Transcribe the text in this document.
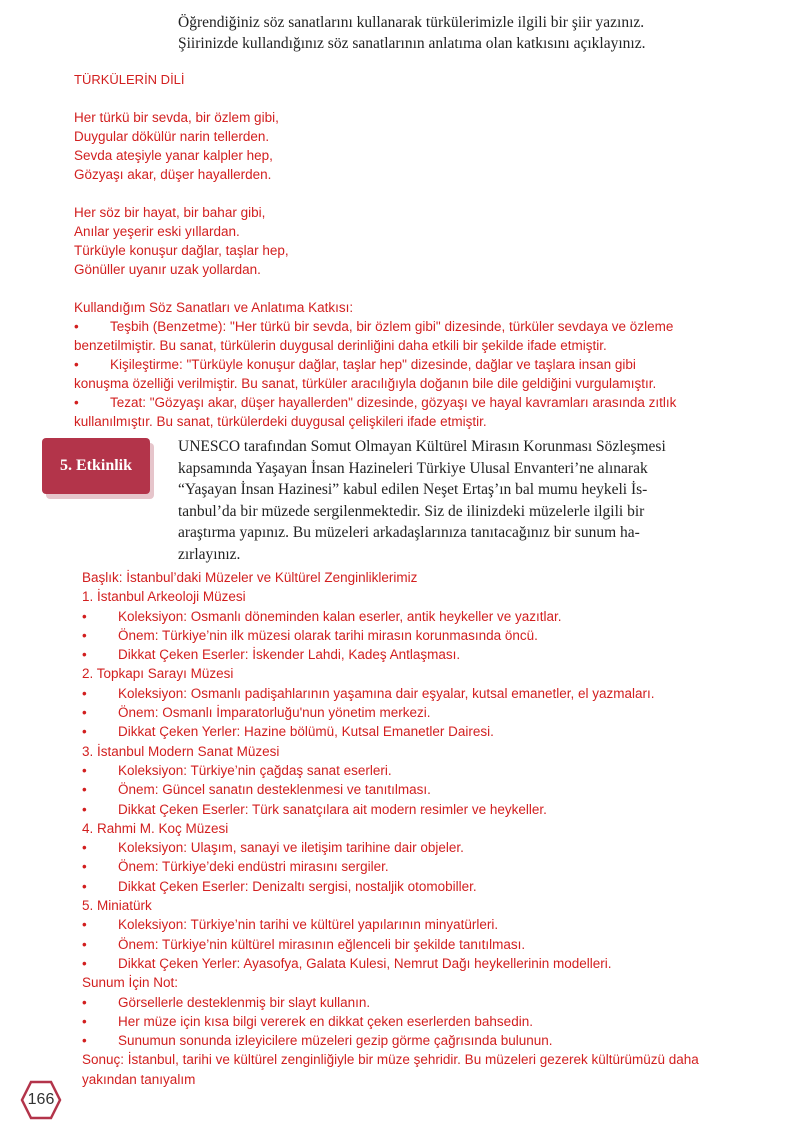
Öğrendiğiniz söz sanatlarını kullanarak türkülerimizle ilgili bir şiir yazınız.

Şiirinizde kullandığınız söz sanatlarının anlatıma olan katkısını açıklayınız.

TÜRKÜLERİN DİLİ

Her türkü bir sevda, bir özlem gibi,

Duygular dökülür narin tellerden.

Sevda ateşiyle yanar kalpler hep,

Gözyaşı akar, düşer hayallerden.

Her söz bir hayat, bir bahar gibi,

Anılar yeşerir eski yıllardan.

Türküyle konuşur dağlar, taşlar hep,

Gönüller uyanır uzak yollardan.

Kullandığım Söz Sanatları ve Anlatıma Katkısı:

•	Teşbih (Benzetme): "Her türkü bir sevda, bir özlem gibi" dizesinde, türküler sevdaya ve özleme

benzetilmiştir. Bu sanat, türkülerin duygusal derinliğini daha etkili bir şekilde ifade etmiştir.

•	Kişileştirme: "Türküyle konuşur dağlar, taşlar hep" dizesinde, dağlar ve taşlara insan gibi

konuşma özelliği verilmiştir. Bu sanat, türküler aracılığıyla doğanın bile dile geldiğini vurgulamıştır.

•	Tezat: "Gözyaşı akar, düşer hayallerden" dizesinde, gözyaşı ve hayal kavramları arasında zıtlık

kullanılmıştır. Bu sanat, türkülerdeki duygusal çelişkileri ifade etmiştir.

5. Etkinlik

UNESCO tarafından Somut Olmayan Kültürel Mirasın Korunması Sözleşmesi

kapsamında Yaşayan İnsan Hazineleri Türkiye Ulusal Envanteri’ne alınarak

“Yaşayan İnsan Hazinesi” kabul edilen Neşet Ertaş’ın bal mumu heykeli İs-

tanbul’da bir müzede sergilenmektedir. Siz de ilinizdeki müzelerle ilgili bir

araştırma yapınız. Bu müzeleri arkadaşlarınıza tanıtacağınız bir sunum ha-

zırlayınız.

Başlık: İstanbul’daki Müzeler ve Kültürel Zenginliklerimiz

1. İstanbul Arkeoloji Müzesi

•	Koleksiyon: Osmanlı döneminden kalan eserler, antik heykeller ve yazıtlar.
•	Önem: Türkiye’nin ilk müzesi olarak tarihi mirasın korunmasında öncü.
•	Dikkat Çeken Eserler: İskender Lahdi, Kadeş Antlaşması.

2. Topkapı Sarayı Müzesi

•	Koleksiyon: Osmanlı padişahlarının yaşamına dair eşyalar, kutsal emanetler, el yazmaları.
•	Önem: Osmanlı İmparatorluğu'nun yönetim merkezi.
•	Dikkat Çeken Yerler: Hazine bölümü, Kutsal Emanetler Dairesi.

3. İstanbul Modern Sanat Müzesi

•	Koleksiyon: Türkiye’nin çağdaş sanat eserleri.
•	Önem: Güncel sanatın desteklenmesi ve tanıtılması.
•	Dikkat Çeken Eserler: Türk sanatçılara ait modern resimler ve heykeller.

4. Rahmi M. Koç Müzesi

•	Koleksiyon: Ulaşım, sanayi ve iletişim tarihine dair objeler.
•	Önem: Türkiye’deki endüstri mirasını sergiler.
•	Dikkat Çeken Eserler: Denizaltı sergisi, nostaljik otomobiller.

5. Miniatürk

•	Koleksiyon: Türkiye’nin tarihi ve kültürel yapılarının minyatürleri.
•	Önem: Türkiye’nin kültürel mirasının eğlenceli bir şekilde tanıtılması.
•	Dikkat Çeken Yerler: Ayasofya, Galata Kulesi, Nemrut Dağı heykellerinin modelleri.

Sunum İçin Not:

•	Görsellerle desteklenmiş bir slayt kullanın.
•	Her müze için kısa bilgi vererek en dikkat çeken eserlerden bahsedin.
•	Sunumun sonunda izleyicilere müzeleri gezip görme çağrısında bulunun.

Sonuç: İstanbul, tarihi ve kültürel zenginliğiyle bir müze şehridir. Bu müzeleri gezerek kültürümüzü daha

yakından tanıyalım

166
